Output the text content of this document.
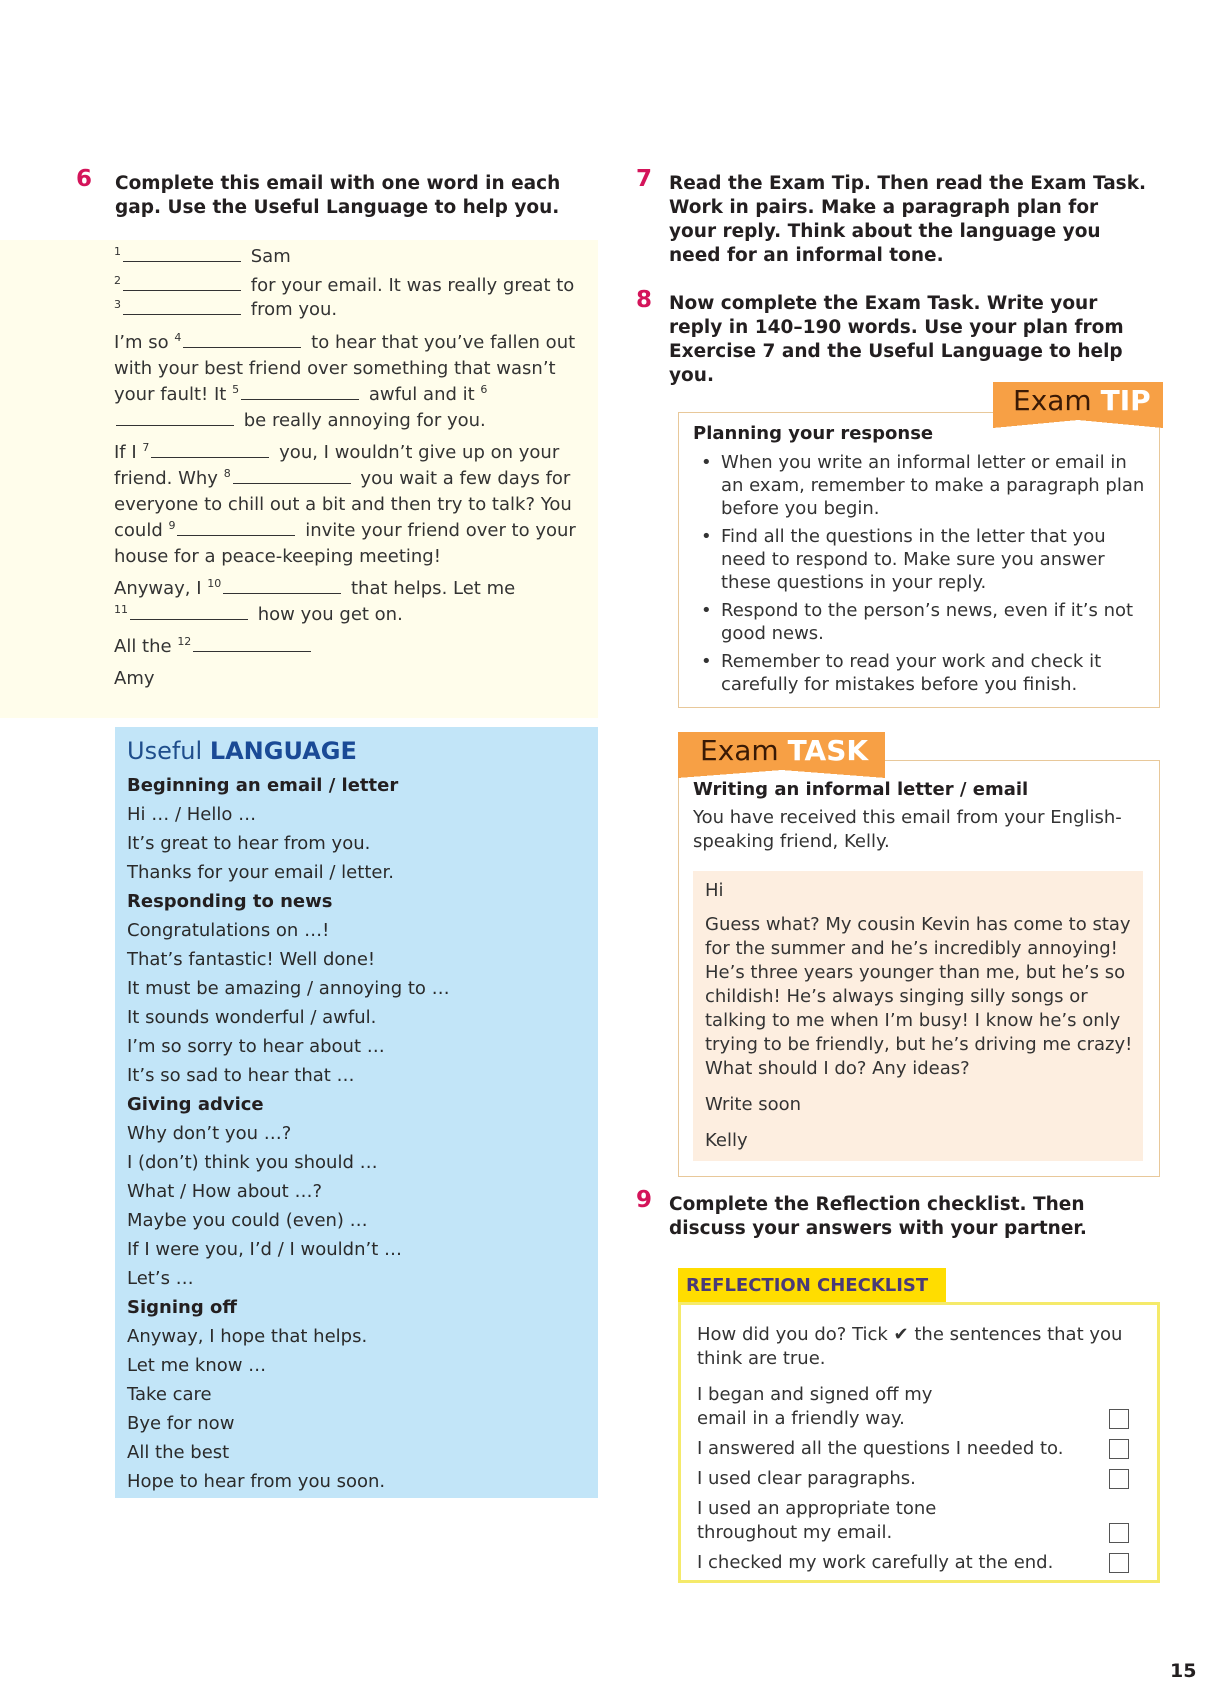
6 Complete this email with one word in each gap. Use the Useful Language to help you.

$^1$	Sam

$^2$	for your email. It was really great to
$^3$	from you.

I’m so $^4$	to hear that you’ve fallen out with your best friend over something that wasn’t your fault! It $^5$	awful and it $^6$ be really annoying for you.

If I $^7$	you, I wouldn’t give up on your friend. Why $^8$	you wait a few days for everyone to chill out a bit and then try to talk? You could $^9$	invite your friend over to your house for a peace-keeping meeting!

Anyway, I $^{10}$	that helps. Let me
$^{11}$	how you get on.

All the $^{12}$

Amy

Useful LANGUAGE
Beginning an email / letter
Hi … / Hello …
It’s great to hear from you.
Thanks for your email / letter.
Responding to news
Congratulations on …!
That’s fantastic! Well done!
It must be amazing / annoying to …
It sounds wonderful / awful.
I’m so sorry to hear about …
It’s so sad to hear that …
Giving advice
Why don’t you …?
I (don’t) think you should …
What / How about …?
Maybe you could (even) …
If I were you, I’d / I wouldn’t …
Let’s …
Signing off
Anyway, I hope that helps.
Let me know …
Take care
Bye for now
All the best
Hope to hear from you soon.
7 Read the Exam Tip. Then read the Exam Task. Work in pairs. Make a paragraph plan for your reply. Think about the language you need for an informal tone.
8 Now complete the Exam Task. Write your reply in 140–190 words. Use your plan from Exercise 7 and the Useful Language to help you.
Planning your response
• When you write an informal letter or email in an exam, remember to make a paragraph plan before you begin.
• Find all the questions in the letter that you need to respond to. Make sure you answer these questions in your reply.
• Respond to the person’s news, even if it’s not good news.
• Remember to read your work and check it carefully for mistakes before you finish.
Exam TIP
Writing an informal letter / email
You have received this email from your English-speaking friend, Kelly.

Hi

Guess what? My cousin Kevin has come to stay for the summer and he’s incredibly annoying! He’s three years younger than me, but he’s so childish! He’s always singing silly songs or talking to me when I’m busy! I know he’s only trying to be friendly, but he’s driving me crazy! What should I do? Any ideas?

Write soon

Kelly

Exam TASK
9 Complete the Reflection checklist. Then discuss your answers with your partner.
REFLECTION CHECKLIST
How did you do? Tick ✔ the sentences that you think are true.
I began and signed off my email in a friendly way.
I answered all the questions I needed to.
I used clear paragraphs.
I used an appropriate tone throughout my email.
I checked my work carefully at the end.
15
